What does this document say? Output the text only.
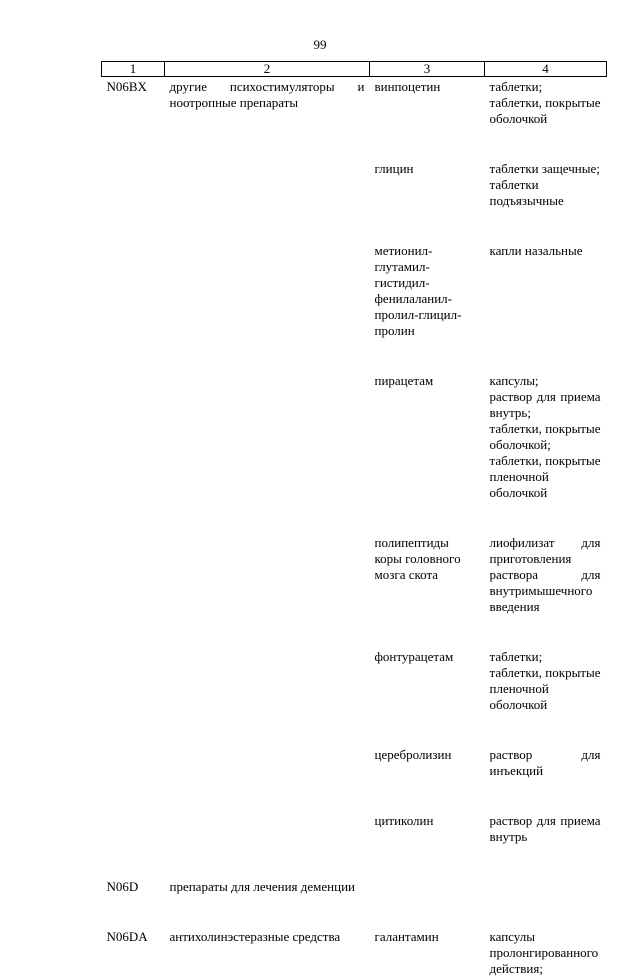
99
1	2	3	4
N06BX	другие психостимуляторы и ноотропные препараты	винпоцетин	таблетки;
таблетки, покрытые оболочкой

		глицин	таблетки защечные;
таблетки подъязычные

		метионил-глутамил-гистидил-фенилаланил-пролил-глицил-пролин	капли назальные

		пирацетам	капсулы;
раствор для приема внутрь;
таблетки, покрытые оболочкой;
таблетки, покрытые пленочной оболочкой

		полипептиды коры головного мозга скота	лиофилизат для приготовления раствора для внутримышечного введения

		фонтурацетам	таблетки;
таблетки, покрытые пленочной оболочкой

		церебролизин	раствор для инъекций

		цитиколин	раствор для приема внутрь

N06D	препараты для лечения деменции		
N06DA	антихолинэстеразные средства	галантамин	капсулы пролонгированного действия;
